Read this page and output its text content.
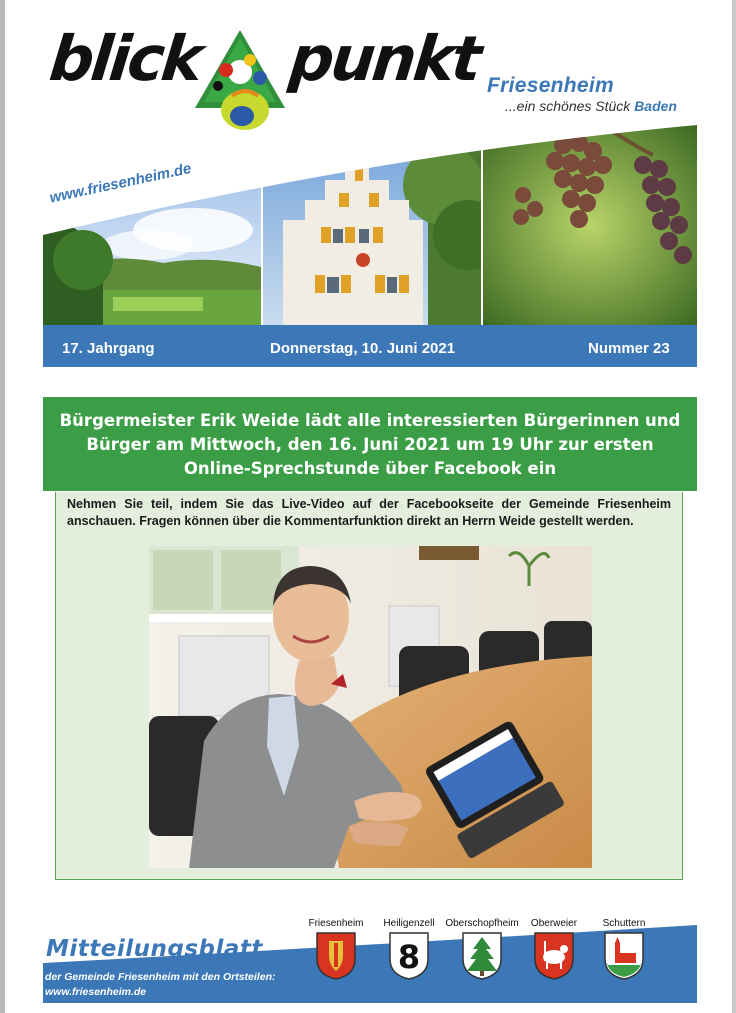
blick punkt Friesenheim
...ein schönes Stück Baden
www.friesenheim.de
17. Jahrgang	Donnerstag, 10. Juni 2021	Nummer 23
Bürgermeister Erik Weide lädt alle interessierten Bürgerinnen und Bürger am Mittwoch, den 16. Juni 2021 um 19 Uhr zur ersten Online-Sprechstunde über Facebook ein
Nehmen Sie teil, indem Sie das Live-Video auf der Facebookseite der Gemeinde Friesenheim anschauen. Fragen können über die Kommentarfunktion direkt an Herrn Weide gestellt werden.
Mitteilungsblatt
der Gemeinde Friesenheim mit den Ortsteilen:
www.friesenheim.de
Friesenheim	Heiligenzell
8
Oberschopfheim	Oberweier	Schuttern
